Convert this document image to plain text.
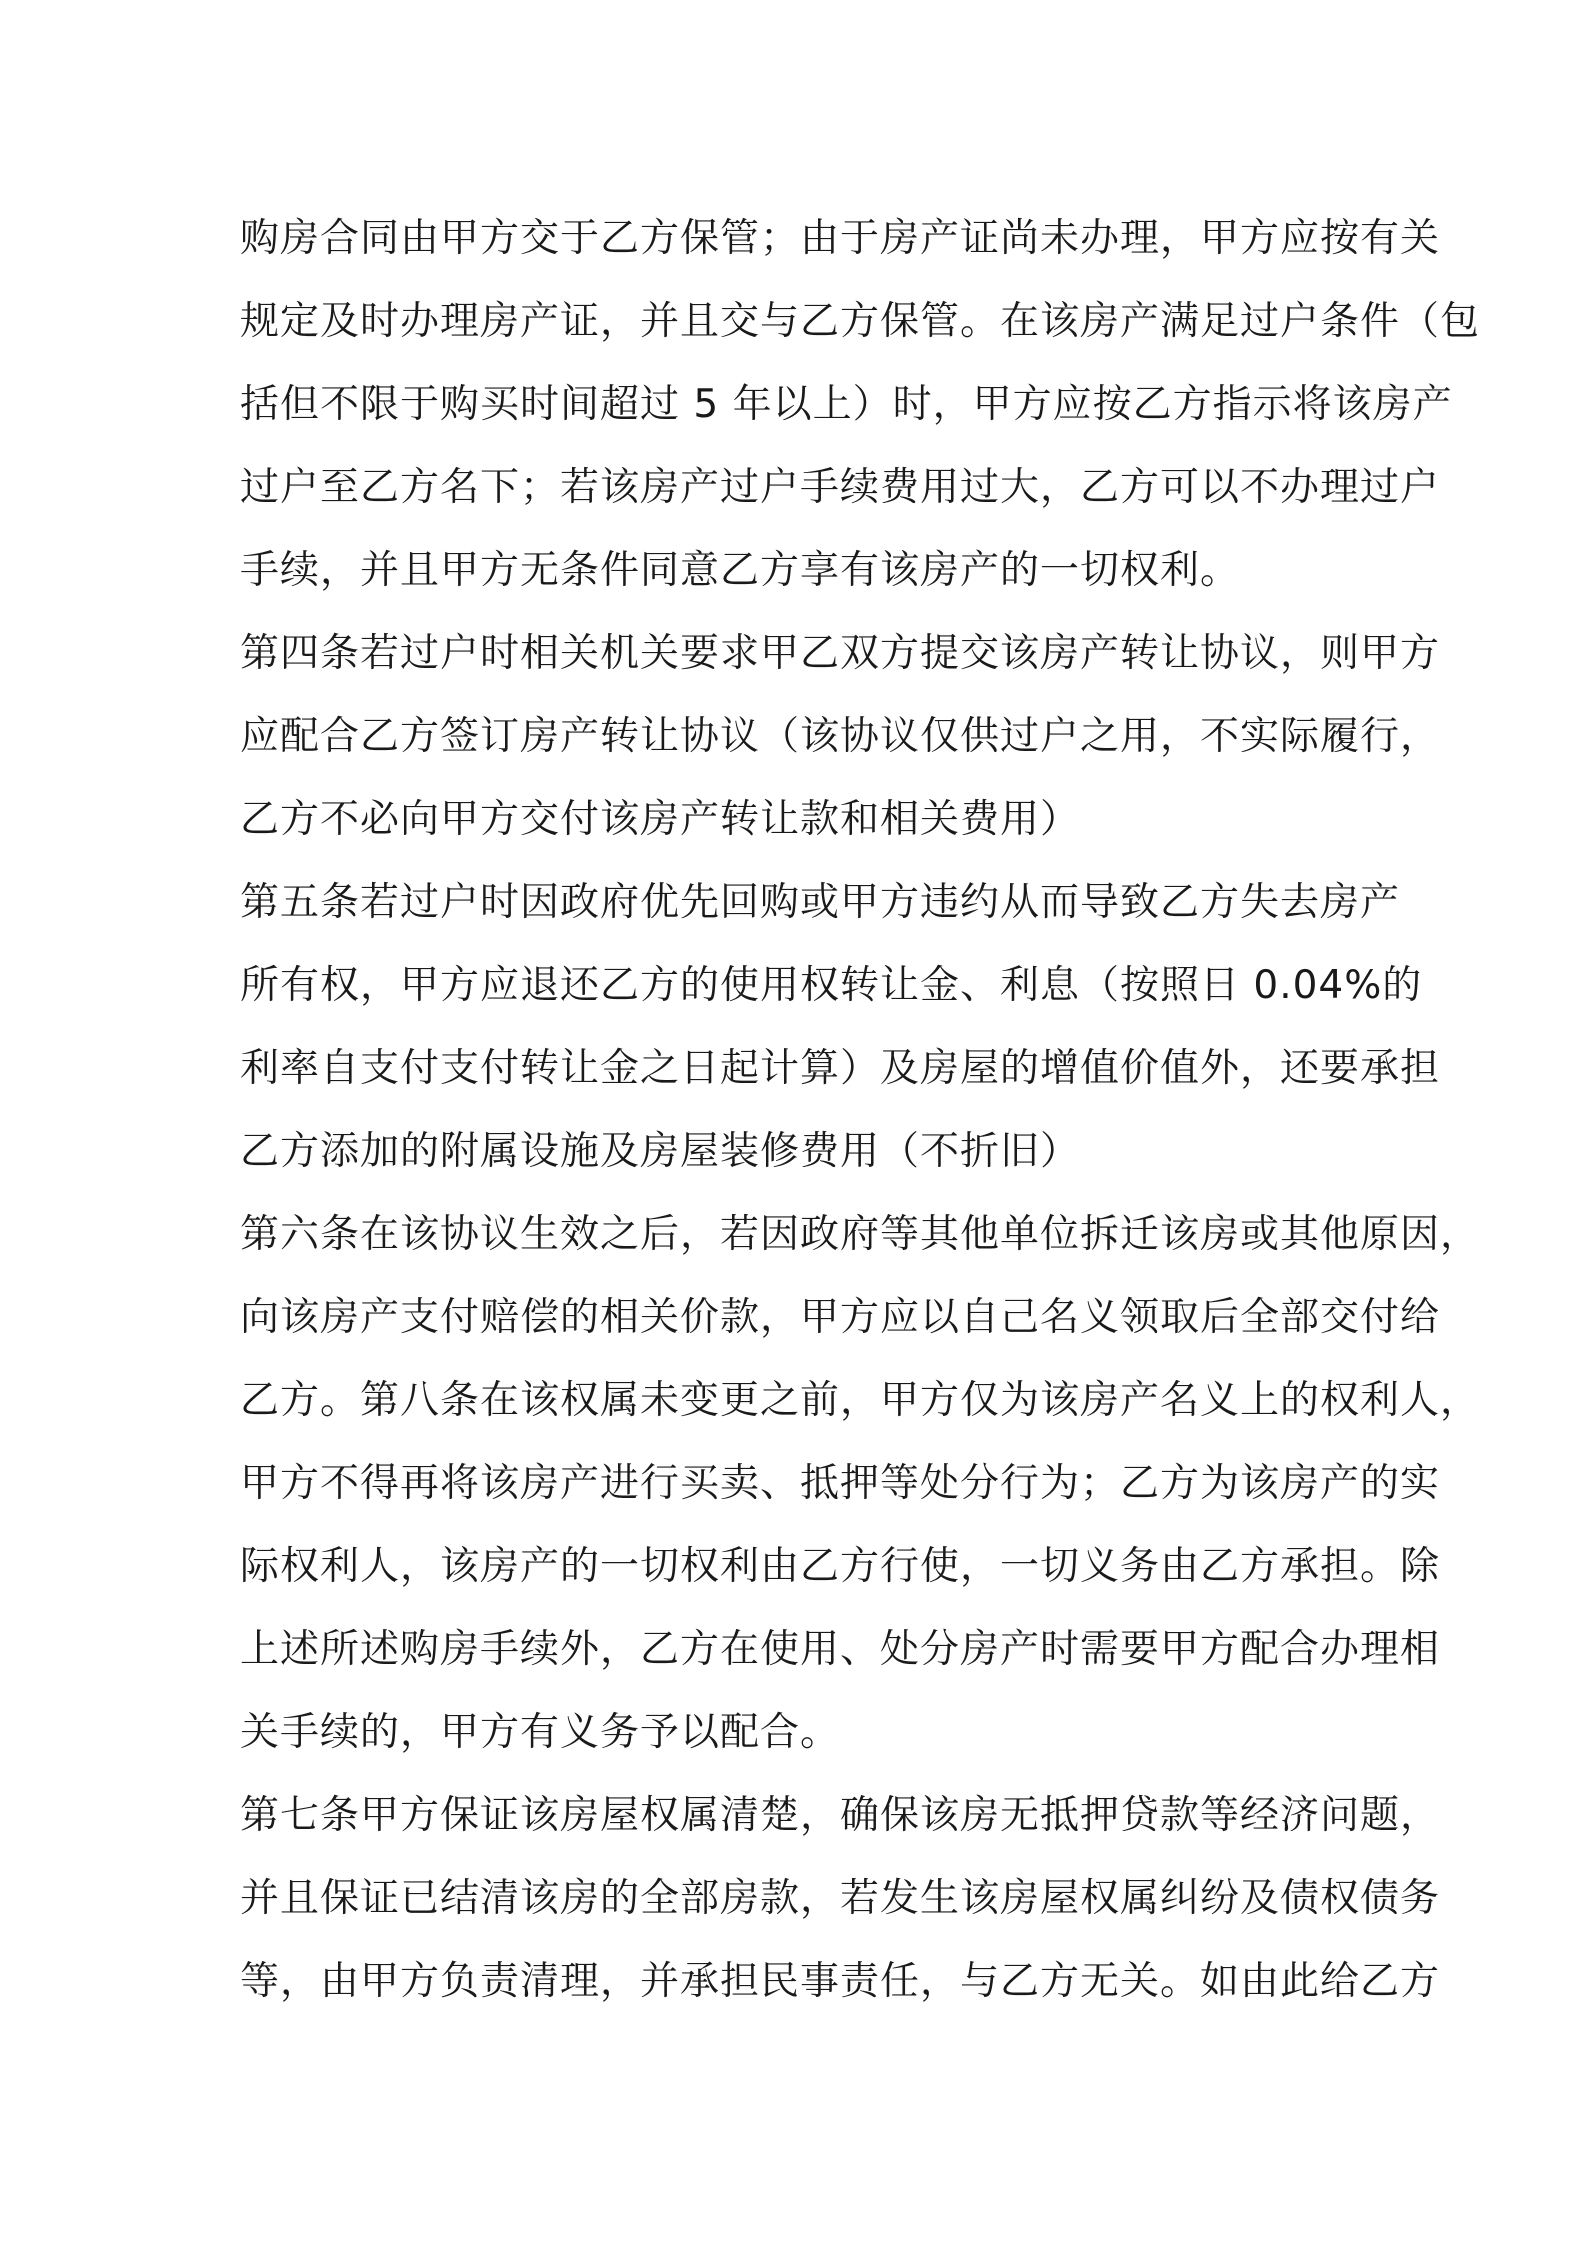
购房合同由甲方交于乙方保管；由于房产证尚未办理，甲方应按有关
规定及时办理房产证，并且交与乙方保管。在该房产满足过户条件（包
括但不限于购买时间超过 5 年以上）时，甲方应按乙方指示将该房产
过户至乙方名下；若该房产过户手续费用过大，乙方可以不办理过户
手续，并且甲方无条件同意乙方享有该房产的一切权利。
第四条若过户时相关机关要求甲乙双方提交该房产转让协议，则甲方
应配合乙方签订房产转让协议（该协议仅供过户之用，不实际履行，
乙方不必向甲方交付该房产转让款和相关费用）
第五条若过户时因政府优先回购或甲方违约从而导致乙方失去房产
所有权，甲方应退还乙方的使用权转让金、利息（按照日 0.04%的
利率自支付支付转让金之日起计算）及房屋的增值价值外，还要承担
乙方添加的附属设施及房屋装修费用（不折旧）
第六条在该协议生效之后，若因政府等其他单位拆迁该房或其他原因，
向该房产支付赔偿的相关价款，甲方应以自己名义领取后全部交付给
乙方。第八条在该权属未变更之前，甲方仅为该房产名义上的权利人，
甲方不得再将该房产进行买卖、抵押等处分行为；乙方为该房产的实
际权利人，该房产的一切权利由乙方行使，一切义务由乙方承担。除
上述所述购房手续外，乙方在使用、处分房产时需要甲方配合办理相
关手续的，甲方有义务予以配合。
第七条甲方保证该房屋权属清楚，确保该房无抵押贷款等经济问题，
并且保证已结清该房的全部房款，若发生该房屋权属纠纷及债权债务
等，由甲方负责清理，并承担民事责任，与乙方无关。如由此给乙方
